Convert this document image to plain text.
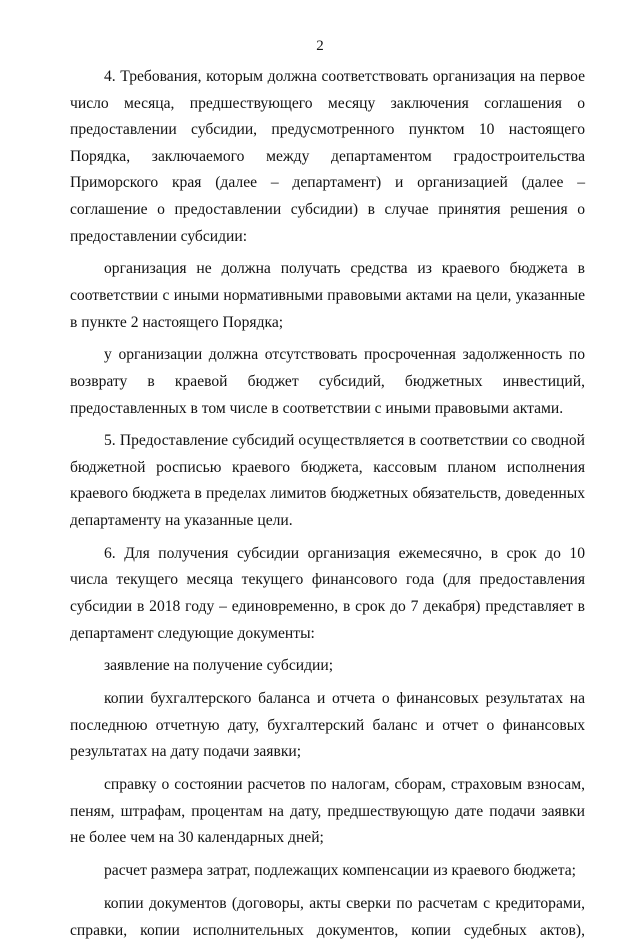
2

4. Требования, которым должна соответствовать организация на первое число месяца, предшествующего месяцу заключения соглашения о предоставлении субсидии, предусмотренного пунктом 10 настоящего Порядка, заключаемого между департаментом градостроительства Приморского края (далее – департамент) и организацией (далее – соглашение о предоставлении субсидии) в случае принятия решения о предоставлении субсидии:

организация не должна получать средства из краевого бюджета в соответствии с иными нормативными правовыми актами на цели, указанные в пункте 2 настоящего Порядка;

у организации должна отсутствовать просроченная задолженность по возврату в краевой бюджет субсидий, бюджетных инвестиций, предоставленных в том числе в соответствии с иными правовыми актами.

5. Предоставление субсидий осуществляется в соответствии со сводной бюджетной росписью краевого бюджета, кассовым планом исполнения краевого бюджета в пределах лимитов бюджетных обязательств, доведенных департаменту на указанные цели.

6. Для получения субсидии организация ежемесячно, в срок до 10 числа текущего месяца текущего финансового года (для предоставления субсидии в 2018 году – единовременно, в срок до 7 декабря) представляет в департамент следующие документы:

заявление на получение субсидии;

копии бухгалтерского баланса и отчета о финансовых результатах на последнюю отчетную дату, бухгалтерский баланс и отчет о финансовых результатах на дату подачи заявки;

справку о состоянии расчетов по налогам, сборам, страховым взносам, пеням, штрафам, процентам на дату, предшествующую дате подачи заявки не более чем на 30 календарных дней;

расчет размера затрат, подлежащих компенсации из краевого бюджета;

копии документов (договоры, акты сверки по расчетам с кредиторами, справки, копии исполнительных документов, копии судебных актов),
